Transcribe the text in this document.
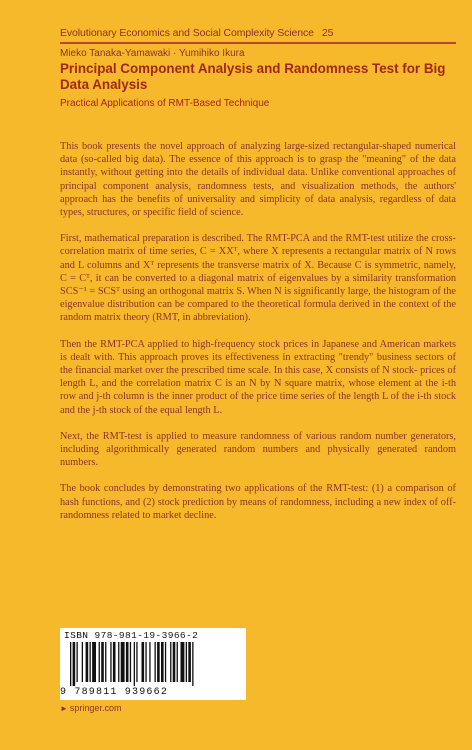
Evolutionary Economics and Social Complexity Science 25
Mieko Tanaka-Yamawaki · Yumihiko Ikura
Principal Component Analysis and Randomness Test for Big Data Analysis
Practical Applications of RMT-Based Technique

This book presents the novel approach of analyzing large-sized rectangular-shaped numerical data (so-called big data). The essence of this approach is to grasp the "meaning" of the data instantly, without getting into the details of individual data. Unlike conventional approaches of principal component analysis, randomness tests, and visualization methods, the authors' approach has the benefits of universality and simplicity of data analysis, regardless of data types, structures, or specific field of science.

First, mathematical preparation is described. The RMT-PCA and the RMT-test utilize the cross-correlation matrix of time series, C = XXᵀ, where X represents a rectangular matrix of N rows and L columns and Xᵀ represents the transverse matrix of X. Because C is symmetric, namely, C = Cᵀ, it can be converted to a diagonal matrix of eigenvalues by a similarity transformation SCS⁻¹ = SCSᵀ using an orthogonal matrix S. When N is significantly large, the histogram of the eigenvalue distribution can be compared to the theoretical formula derived in the context of the random matrix theory (RMT, in abbreviation).

Then the RMT-PCA applied to high-frequency stock prices in Japanese and American markets is dealt with. This approach proves its effectiveness in extracting "trendy" business sectors of the financial market over the prescribed time scale. In this case, X consists of N stock- prices of length L, and the correlation matrix C is an N by N square matrix, whose element at the i-th row and j-th column is the inner product of the price time series of the length L of the i-th stock and the j-th stock of the equal length L.

Next, the RMT-test is applied to measure randomness of various random number generators, including algorithmically generated random numbers and physically generated random numbers.

The book concludes by demonstrating two applications of the RMT-test: (1) a comparison of hash functions, and (2) stock prediction by means of randomness, including a new index of off-randomness related to market decline.

ISBN 978-981-19-3966-2
9 789811 939662
► springer.com
